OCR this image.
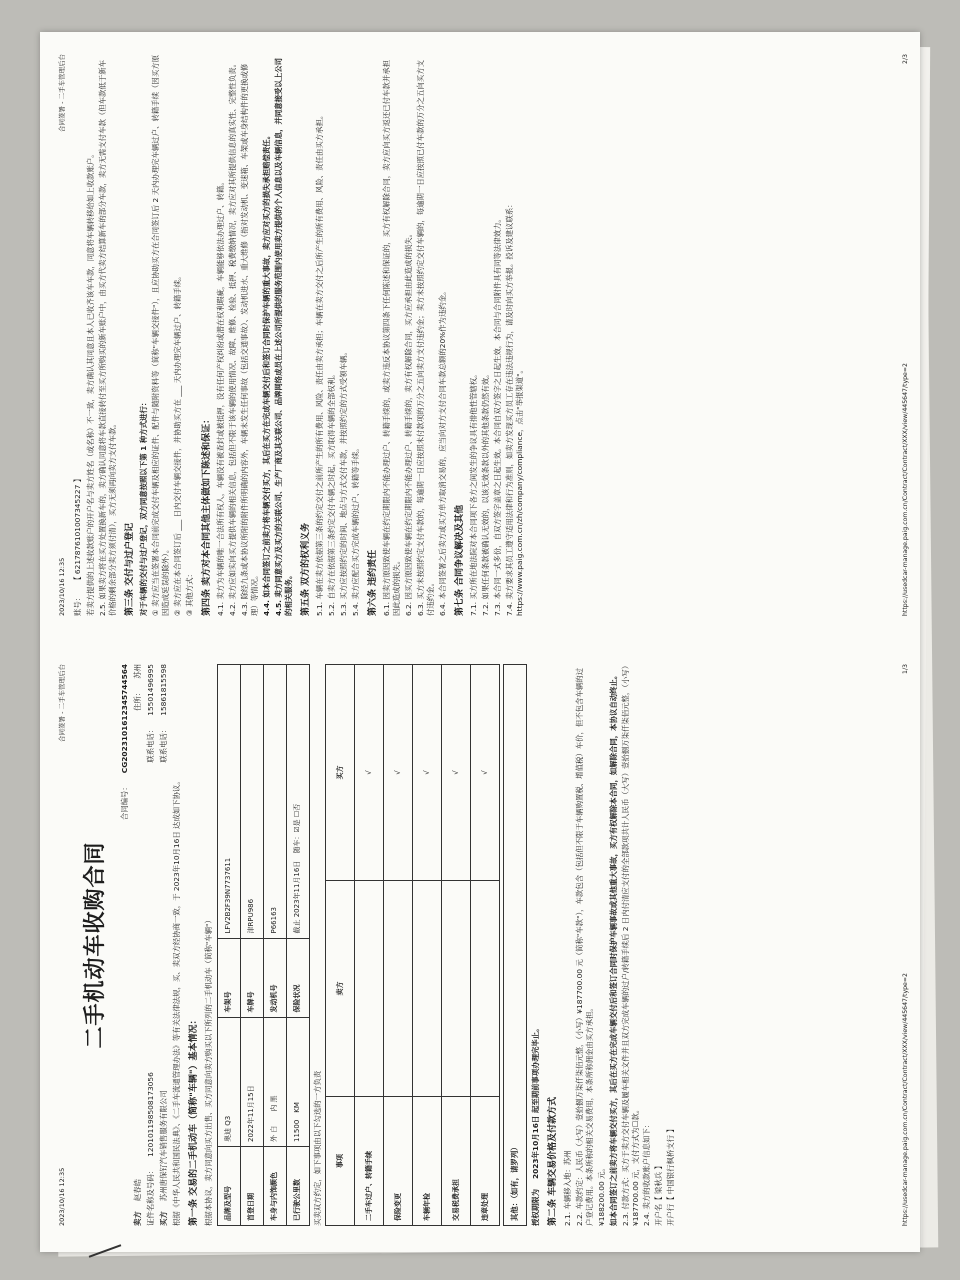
2023/10/16 12:35
合同签署 - 二手车管理后台
二手机动车收购合同
合同编号：
CG2023101612345744564
卖方
赵春皓
住所：
苏州
证件名称及号码：
120101198508173056
联系电话：
15501496995
买方
苏州唐保钌汽车销售服务有限公司
联系电话：
15861815598
根据《中华人民共和国民法典》、《二手车流通管理办法》等有关法律法规，买、卖双方经协商一致，于 2023年10月16日 达成如下协议。 第一条 交易的二手机动车（简称"车辆"）基本情况： 根据本协议，卖方同意向买方出售、买方同意向卖方购买以下所列的二手机动车（简称"车辆"） 品牌及型号	奥迪 Q3	车架号	LFV2B2F39N7737611
首登日期	2022年11月15日	车牌号	津RPU986
车身与内饰颜色	外 白　　内 黑	发动机号	P66163
已行驶公里数	11500　KM	保险状况	截止 2023年11月16日　随车：☑是 ☐否
买卖双方约定，如下事项由以下勾选的一方负责 事项	卖方	买方
二手车过户、转籍手续		√
保险变更		√
车辆年检		√
交易税费承担		√
违章处理		√
其他：（如有，请罗列） 授权期限为
2023年10月16日 起至期前事项办理完毕止。 第二条 车辆交易价格及付款方式 2.1. 车辆移入地：苏州 2.2. 车款约定：人民币（大写）壹拾捌万柒仟柒佰元整，（小写）¥187700.00 元（简称"车款"），车款包含（包括但不限于车辆购置税、增值税）车价，但不包含车辆的过户登记费用。本条所称的相关交易费用，本条所称佣金由买方承担。 ¥188200.00 元。 如本合同签订之前卖方将车辆交付买方，其后在买方在完成车辆交付后和签订合同时保护车辆事故或其他重大事故，买方有权解除本合同，如解除合同，本协议自动终止。 2.3. 付款方式：买方于卖方交付车辆及履车相关文件并且双方完成车辆的过户/转籍手续后 2 日内付清应支付的全部款项共计人民币（大写）壹拾捌万柒仟柒佰元整，（小写）¥187700.00 元，支付方式为☐款。 2.4. 卖方的收款账户信息如下： 开户名【 梁秋兵 】
开户行【 中国银行枫桥支行 】	https://usedcar-manage.paig.com.cn/Contract/Contract/XXX/view/445647/type=2
1/3
2023/10/16 12:35
合同签署 - 二手车管理后台
账号：
【 6217876101007345227 】 若卖方提供的上述收款账户的开户名与卖方姓名（或名称）不一致，卖方确认其同意且本人已收齐该车车款，同意将车辆转移给如上收款账户。 2.5. 如果卖方将在买方处置换新车的，卖方确认同意将车款直接转付至买方所购买的新车账户中，由买方代卖方结算新车的部分车款，卖方无需支付车款（但车款低于新车价格的剩余部分卖方须付清），买方无须再向卖方支付车款。 第三条 交付与过户登记 对于车辆的交付与过户登记，双方同意按照以下第 1 种方式进行： ① 卖方应当在签署本合同前完成交付车辆及相应的证件、配件与随附资料等（简称"车辆交接件"），且应协助买方在合同签订后 2 天内办理完车辆过户、转籍手续（因买方原因造成延误的除外）。 ② 卖方应在本合同签订后 ___ 日内交付车辆交接件，并协助买方在 ___ 天内办理完车辆过户、转籍手续。 ③ 其他方式： 第四条 卖方对本合同其他主体做如下陈述和保证： 4.1. 卖方为车辆的唯一合法所有权人，车辆没有被查封或被抵押，没有任何产权纠纷或潜在权利瑕疵，车辆能够依法办理过户、转籍。 4.2. 卖方应如实向买方提供车辆的相关信息，包括但不限于该车辆的使用情况、故障、维修、检验、抵押、税费缴纳情况，卖方应对其所提供信息的真实性、完整性负责。 4.3. 除经九条或本协议所附的附件所明确的内容外，车辆未发生任何事故（包括交通事故）、发动机进水、重大维修（指对发动机、变速箱、车架或车身结构件的更换或修理）等情况。 4.4. 如本合同签订之前卖方将车辆交付买方，其后在买方在完成车辆交付后和签订合同时保护车辆的重大事故，卖方应对买方的损失承担赔偿责任。 4.5. 卖方同意买方及买方的关联公司、生产厂商及其关联公司、品牌网络成员在上述公司所提供的服务范围内使用卖方提供的个人信息以及车辆信息，并同意接受以上公司的相关服务。 第五条 双方的权利义务 5.1. 车辆在卖方依据第三条的约定交付之前所产生的所有费用、风险、责任由卖方承担；车辆在卖方交付之后所产生的所有费用、风险、责任由买方承担。 5.2. 自卖方在依据第三条约定交付车辆之时起，买方取得车辆的全部权利。 5.3. 买方应按照约定的时间、地点与方式交付车款，并按照约定的方式受领车辆。 5.4. 卖方应配合买方完成车辆的过户、转籍等手续。 第六条 违约责任 6.1. 因卖方原因致使车辆在约定期限内不能办理过户、转籍手续的，或卖方违反本协议第四条下任何陈述和保证的，买方有权解除合同，卖方应向买方返还已付车款并承担因此造成的损失。 6.2. 因买方原因致使车辆在约定期限内不能办理过户、转籍手续的，卖方有权解除合同，买方应承担由此造成的损失。 6.3. 买方未按照约定支付车款的，每逾期一日应按照未付款项的万分之五向卖方支付违约金；卖方未按照约定交付车辆的，每逾期一日应按照已付车款的万分之五向买方支付违约金。 6.4. 本合同签署之后卖方或买方单方取消交易的，应当向对方支付合同车款总额的20%作为违约金。 第七条 合同争议解决及其他 7.1. 买方所在地法院对本合同项下各方之间发生的争议具有排他性管辖权。 7.2. 如果任何条款被确认无效的，以该无效条款以外的其他条款仍然有效。 7.3. 本合同一式多份，自双方签字盖章之日起生效。本合同自双方签字之日起生效，本合同与合同附件具有同等法律效力。 7.4. 卖方要求其员工遵守适用法律和行为准则，如卖方发现买方员工存在违法违规行为，请及时向买方举报。投诉及建议联系：https://www.paig.com.cn/zh/company/compliance，点击"举报渠道"。	https://usedcar-manage.paig.com.cn/Contract/Contract/XXX/view/445647/type=2
2/3
